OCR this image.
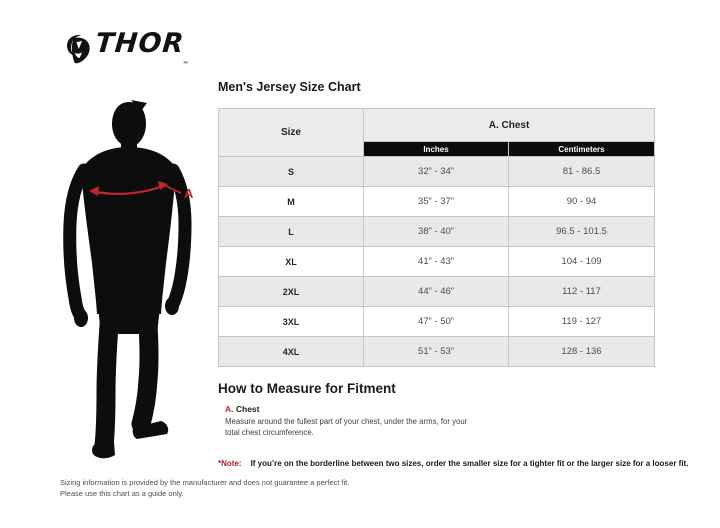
$THOR_™$
A
Men's Jersey Size Chart
Size	A. Chest	
	Inches	Centimeters
S	32” - 34”	81 - 86.5
M	35” - 37”	90 - 94
L	38” - 40”	96.5 - 101.5
XL	41” - 43”	104 - 109
2XL	44” - 46”	112 - 117
3XL	47” - 50”	119 - 127
4XL	51” - 53”	128 - 136
How to Measure for Fitment
A. Chest
Measure around the fullest part of your chest, under the arms, for your
total chest circumference.
*Note: If you’re on the borderline between two sizes, order the smaller size for a tighter fit or the larger size for a looser fit.
Sizing information is provided by the manufacturer and does not guarantee a perfect fit.
Please use this chart as a guide only.
